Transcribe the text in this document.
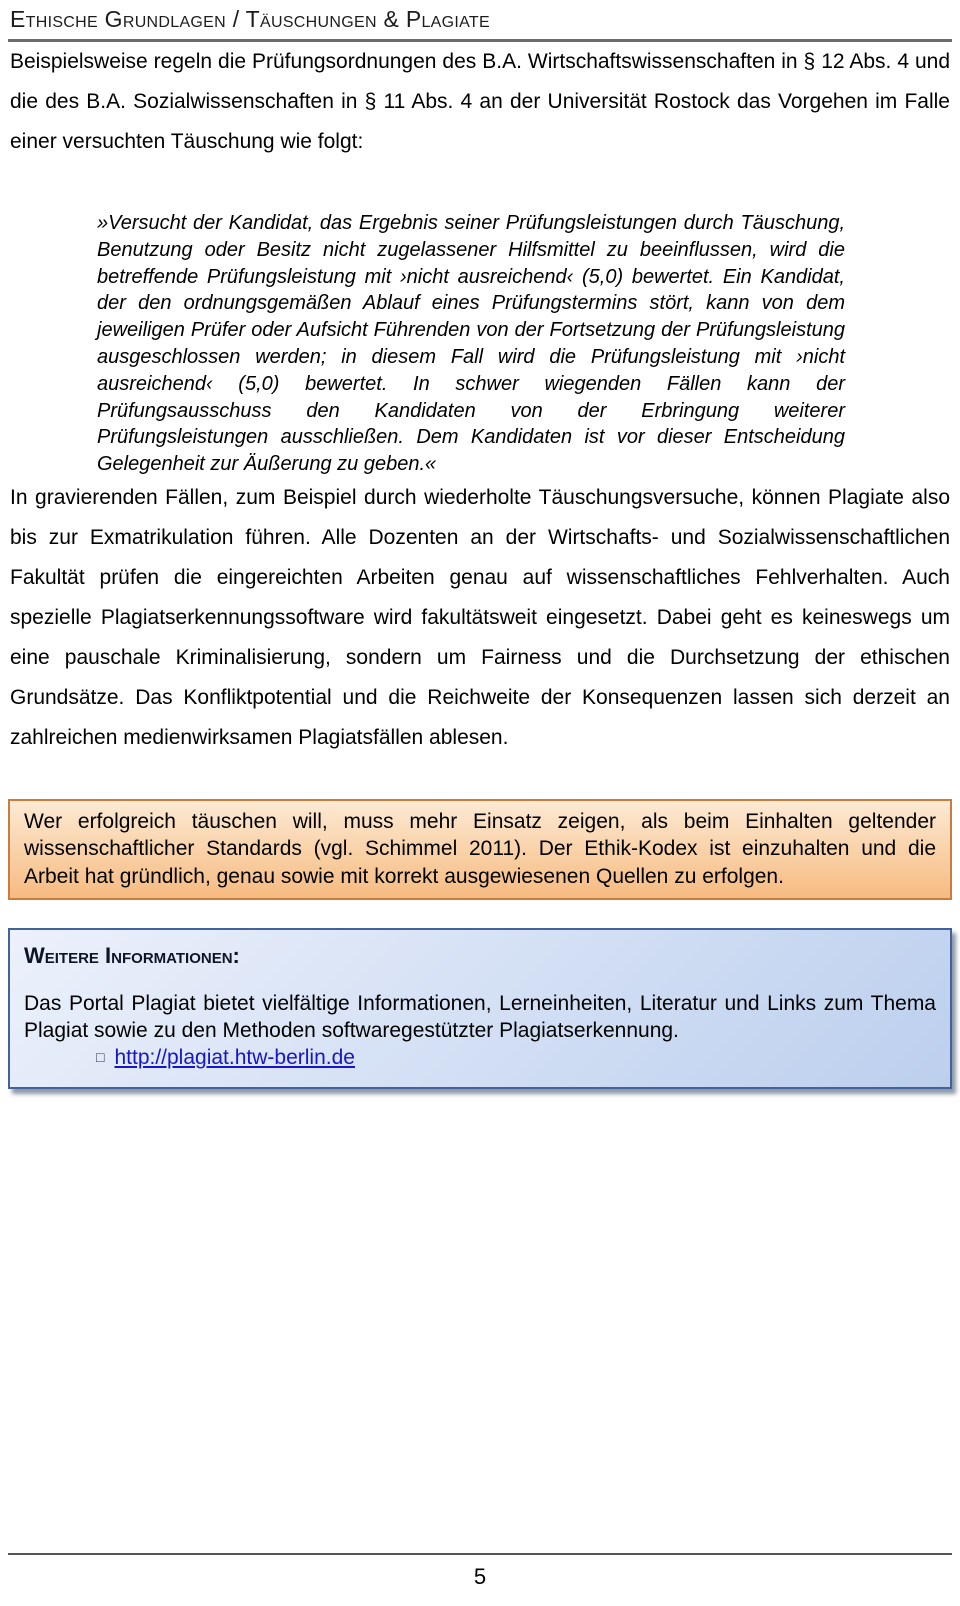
Ethische Grundlagen / Täuschungen & Plagiate

Beispielsweise regeln die Prüfungsordnungen des B.A. Wirtschaftswissenschaften in § 12 Abs. 4 und die des B.A. Sozialwissenschaften in § 11 Abs. 4 an der Universität Rostock das Vorgehen im Falle einer versuchten Täuschung wie folgt:

»Versucht der Kandidat, das Ergebnis seiner Prüfungsleistungen durch Täuschung, Benutzung oder Besitz nicht zugelassener Hilfsmittel zu beeinflussen, wird die betreffende Prüfungsleistung mit ›nicht ausreichend‹ (5,0) bewertet. Ein Kandidat, der den ordnungsgemäßen Ablauf eines Prüfungstermins stört, kann von dem jeweiligen Prüfer oder Aufsicht Führenden von der Fortsetzung der Prüfungsleistung ausgeschlossen werden; in diesem Fall wird die Prüfungsleistung mit ›nicht ausreichend‹ (5,0) bewertet. In schwer wiegenden Fällen kann der Prüfungsausschuss den Kandidaten von der Erbringung weiterer Prüfungsleistungen ausschließen. Dem Kandidaten ist vor dieser Entscheidung Gelegenheit zur Äußerung zu geben.«

In gravierenden Fällen, zum Beispiel durch wiederholte Täuschungsversuche, können Plagiate also bis zur Exmatrikulation führen. Alle Dozenten an der Wirtschafts- und Sozialwissenschaftlichen Fakultät prüfen die eingereichten Arbeiten genau auf wissenschaftliches Fehlverhalten. Auch spezielle Plagiatserkennungssoftware wird fakultätsweit eingesetzt. Dabei geht es keineswegs um eine pauschale Kriminalisierung, sondern um Fairness und die Durchsetzung der ethischen Grundsätze. Das Konfliktpotential und die Reichweite der Konsequenzen lassen sich derzeit an zahlreichen medienwirksamen Plagiatsfällen ablesen.

Wer erfolgreich täuschen will, muss mehr Einsatz zeigen, als beim Einhalten geltender wissenschaftlicher Standards (vgl. Schimmel 2011). Der Ethik-Kodex ist einzuhalten und die Arbeit hat gründlich, genau sowie mit korrekt ausgewiesenen Quellen zu erfolgen.
Weitere Informationen:
Das Portal Plagiat bietet vielfältige Informationen, Lerneinheiten, Literatur und Links zum Thema Plagiat sowie zu den Methoden softwaregestützter Plagiatserkennung.
□ http://plagiat.htw-berlin.de
5
